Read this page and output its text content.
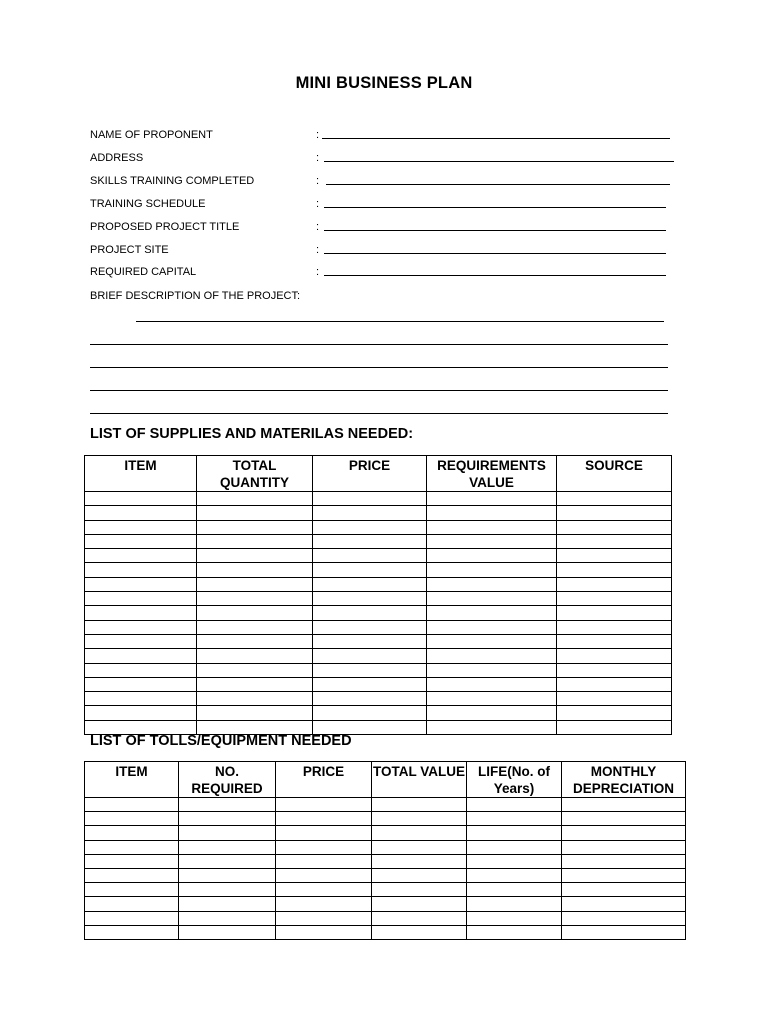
MINI BUSINESS PLAN
NAME OF PROPONENT	:
ADDRESS	:
SKILLS TRAINING COMPLETED	:
TRAINING SCHEDULE	:
PROPOSED PROJECT TITLE	:
PROJECT SITE	:
REQUIRED CAPITAL	:
BRIEF DESCRIPTION OF THE PROJECT:
LIST OF SUPPLIES AND MATERILAS NEEDED:
ITEM	TOTAL QUANTITY	PRICE	REQUIREMENTS VALUE	SOURCE

LIST OF TOLLS/EQUIPMENT NEEDED
ITEM	NO. REQUIRED	PRICE	TOTAL VALUE	LIFE(No. of Years)	MONTHLY DEPRECIATION
